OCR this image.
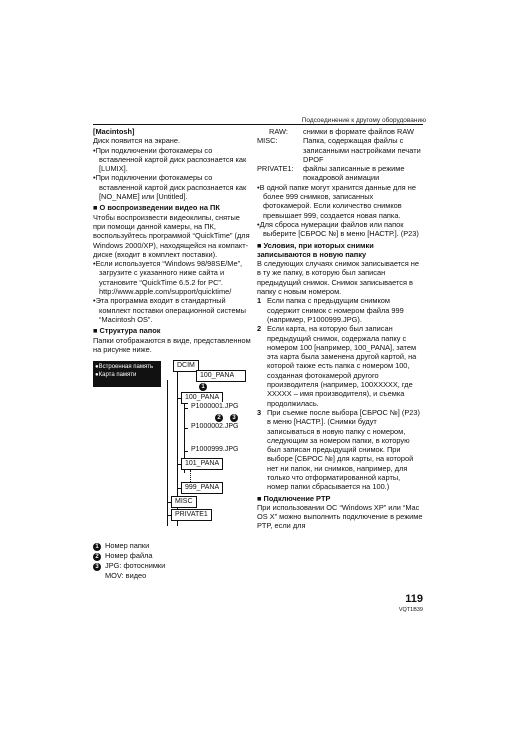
Подсоединение к другому оборудованию

[Macintosh]

Диск появится на экране.

•При подключении фотокамеры со вставленной картой диск распознается как [LUMIX].

•При подключении фотокамеры со вставленной картой диск распознается как [NO_NAME] или [Untitled].

■ О воспроизведении видео на ПК

Чтобы воспроизвести видеоклипы, снятые при помощи данной камеры, на ПК, воспользуйтесь программой “QuickTime” (для Windows 2000/XP), находящейся на компакт-диске (входит в комплект поставки).

•Если используется “Windows 98/98SE/Me”, загрузите с указанного ниже сайта и установите “QuickTime 6.5.2 for PC”. http://www.apple.com/support/quicktime/

•Эта программа входит в стандартный комплект поставки операционной системы “Macintosh OS”.

■ Структура папок

Папки отображаются в виде, представленном на рисунке ниже.

●Встроенная память
●Карта памяти
DCIM
100_PANA
1
100_PANA
P1000001.JPG
2	3
P1000002.JPG
P1000999.JPG
101_PANA
999_PANA
MISC
PRIVATE1
1 Номер папки
2 Номер файла
3 JPG: фотоснимки
MOV: видео
RAW:	снимки в формате файлов RAW
MISC:	Папка, содержащая файлы с записанными настройками печати DPOF
PRIVATE1:	файлы записанные в режиме покадровой анимации

•В одной папке могут хранится данные для не более 999 снимков, записанных фотокамерой. Если количество снимков превышает 999, создается новая папка.

•Для сброса нумерации файлов или папок выберите [СБРОС №] в меню [НАСТР.]. (P23)

■ Условия, при которых снимки записываются в новую папку

В следующих случаях снимок записывается не в ту же папку, в которую был записан предыдущий снимок. Снимок записывается в папку с новым номером.

1 Если папка с предыдущим снимком содержит снимок с номером файла 999 (например, P1000999.JPG).
2 Если карта, на которую был записан предыдущий снимок, содержала папку с номером 100 [например, 100_PANA], затем эта карта была заменена другой картой, на которой также есть папка с номером 100, созданная фотокамерой другого производителя (например, 100XXXXX, где XXXXX – имя производителя), и съемка продолжилась.
3 При съемке после выбора [СБРОС №] (P23) в меню [НАСТР.]. (Снимки будут записываться в новую папку с номером, следующим за номером папки, в которую был записан предыдущий снимок. При выборе [СБРОС №] для карты, на которой нет ни папок, ни снимков, например, для только что отформатированной карты, номер папки сбрасывается на 100.)

■ Подключение PTP

При использовании ОС “Windows XP” или “Mac OS X” можно выполнить подключение в режиме PTP, если для

119
VQT1B39
